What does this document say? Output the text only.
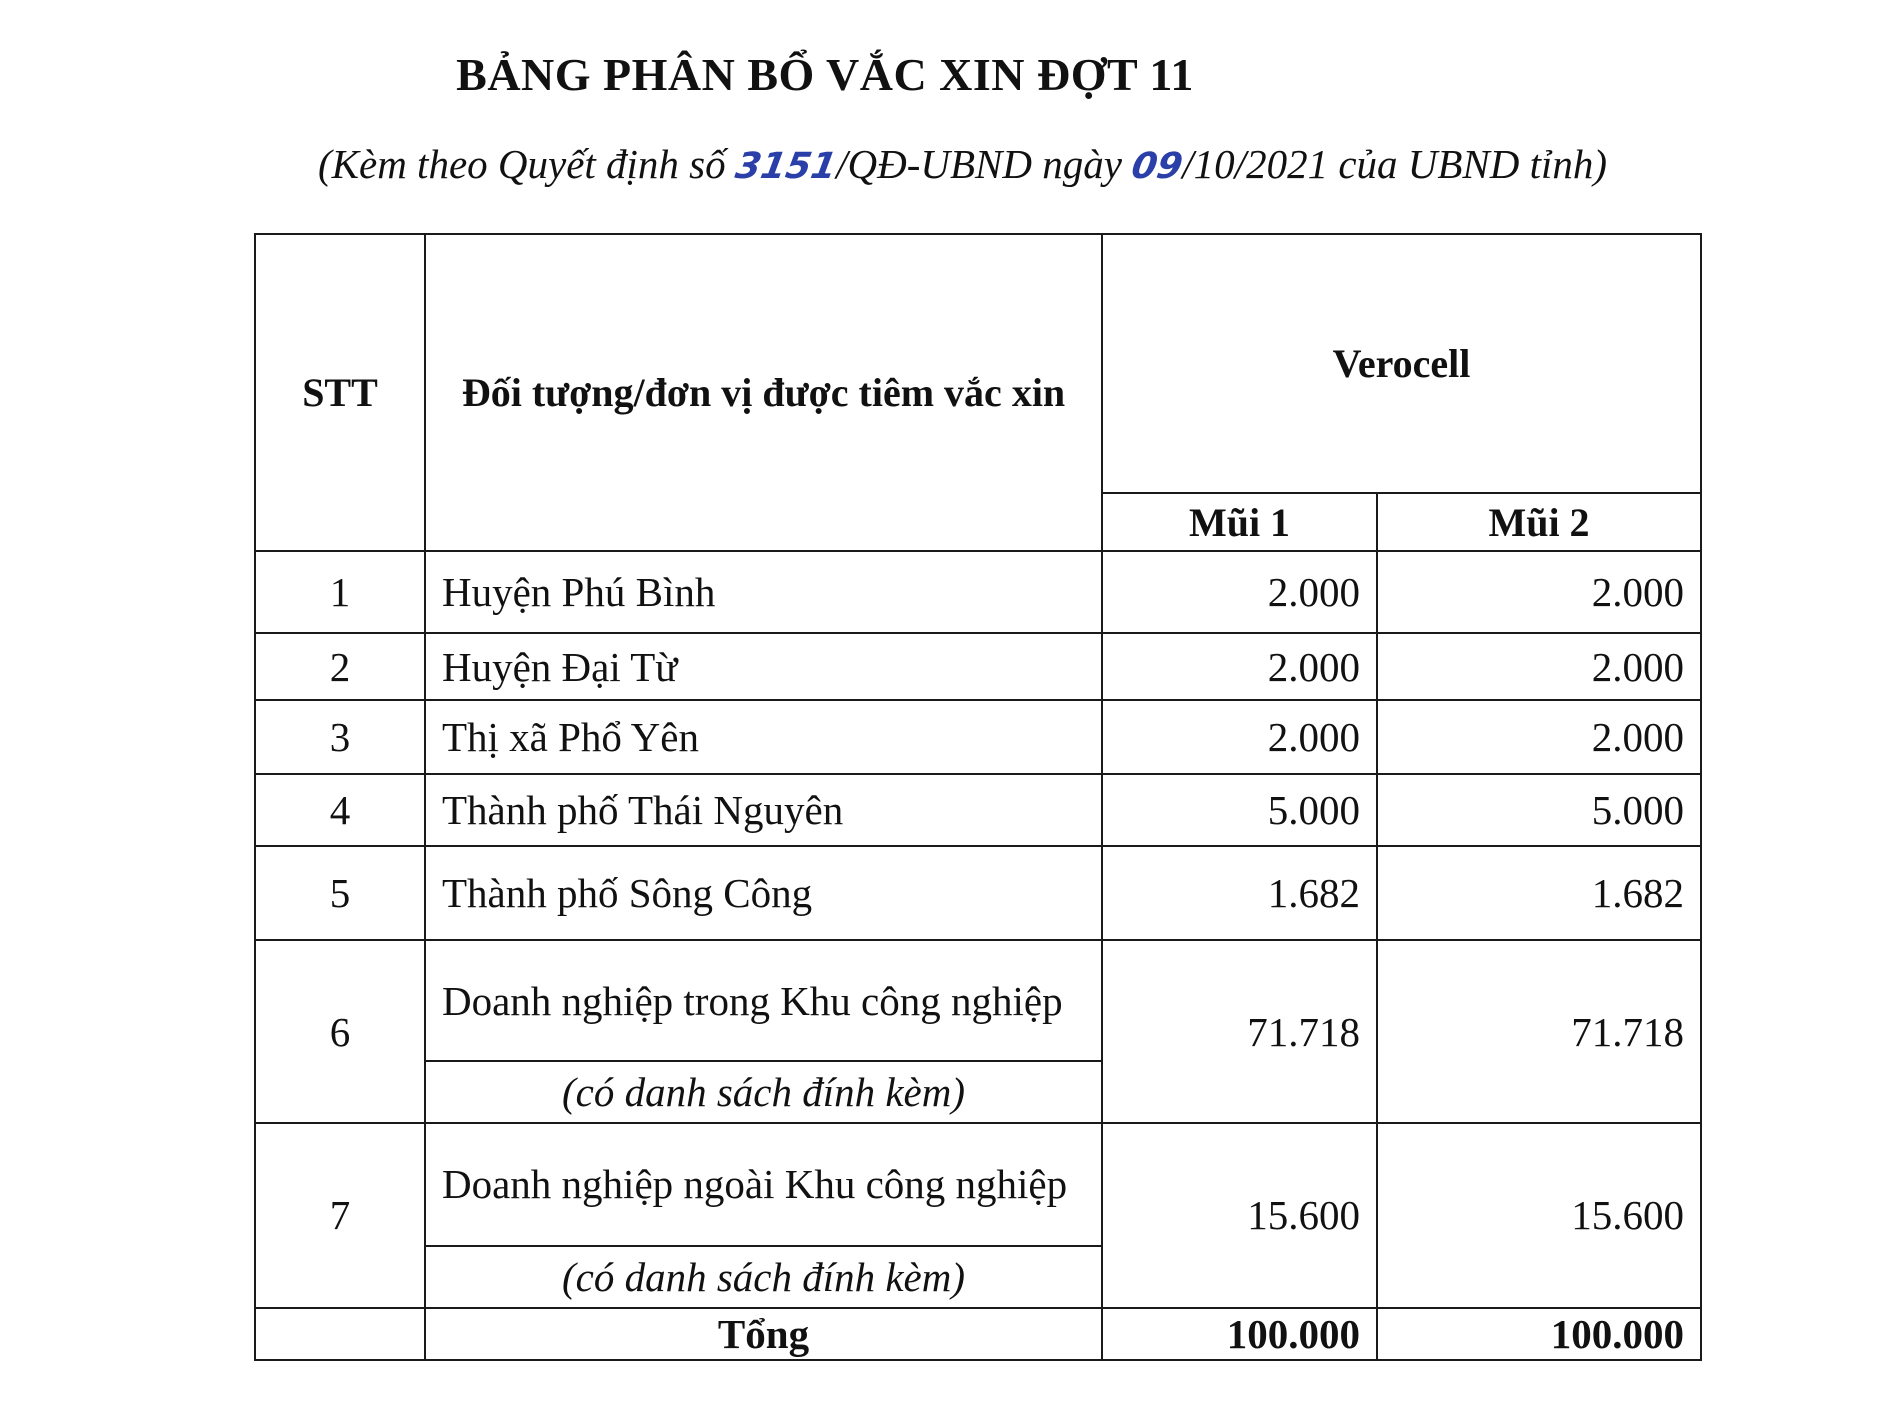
BẢNG PHÂN BỔ VẮC XIN ĐỢT 11
(Kèm theo Quyết định số 3151/QĐ-UBND ngày 09/10/2021 của UBND tỉnh)
STT	Đối tượng/đơn vị được tiêm vắc xin	Verocell	
		Mũi 1	Mũi 2
1	Huyện Phú Bình	2.000	2.000
2	Huyện Đại Từ	2.000	2.000
3	Thị xã Phổ Yên	2.000	2.000
4	Thành phố Thái Nguyên	5.000	5.000
5	Thành phố Sông Công	1.682	1.682
6	Doanh nghiệp trong Khu công nghiệp	71.718	71.718
	(có danh sách đính kèm)		
7	Doanh nghiệp ngoài Khu công nghiệp	15.600	15.600
	(có danh sách đính kèm)		
	Tổng	100.000	100.000
